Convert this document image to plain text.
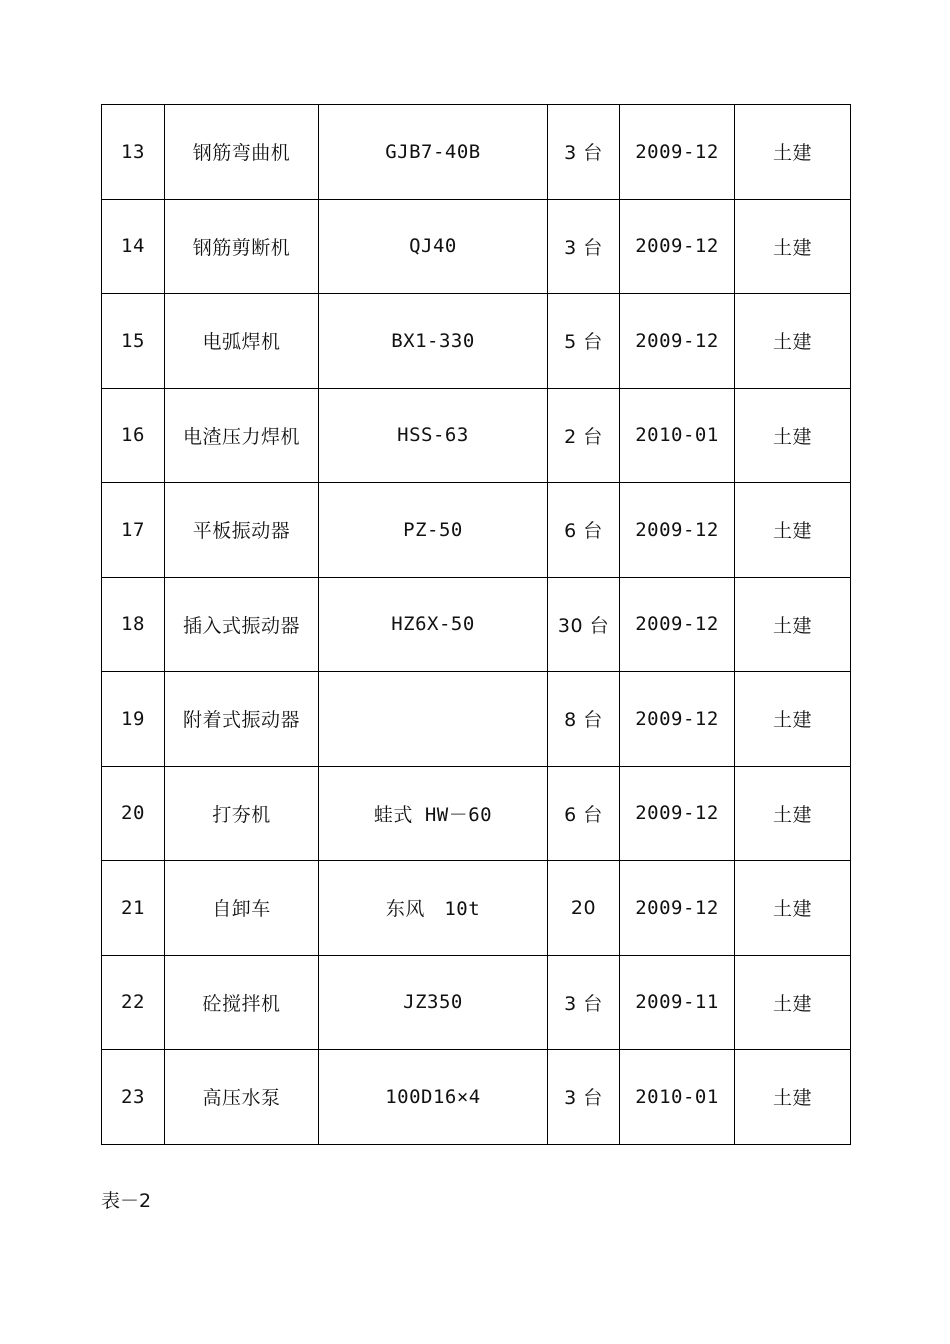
13	钢筋弯曲机	GJB7-40B	3 台	2009-12	土建
14	钢筋剪断机	QJ40	3 台	2009-12	土建
15	电弧焊机	BX1-330	5 台	2009-12	土建
16	电渣压力焊机	HSS-63	2 台	2010-01	土建
17	平板振动器	PZ-50	6 台	2009-12	土建
18	插入式振动器	HZ6X-50	30 台	2009-12	土建
19	附着式振动器		8 台	2009-12	土建
20	打夯机	蛙式 HW－60	6 台	2009-12	土建
21	自卸车	东风　10t	20	2009-12	土建
22	砼搅拌机	JZ350	3 台	2009-11	土建
23	高压水泵	100D16×4	3 台	2010-01	土建
表－2
